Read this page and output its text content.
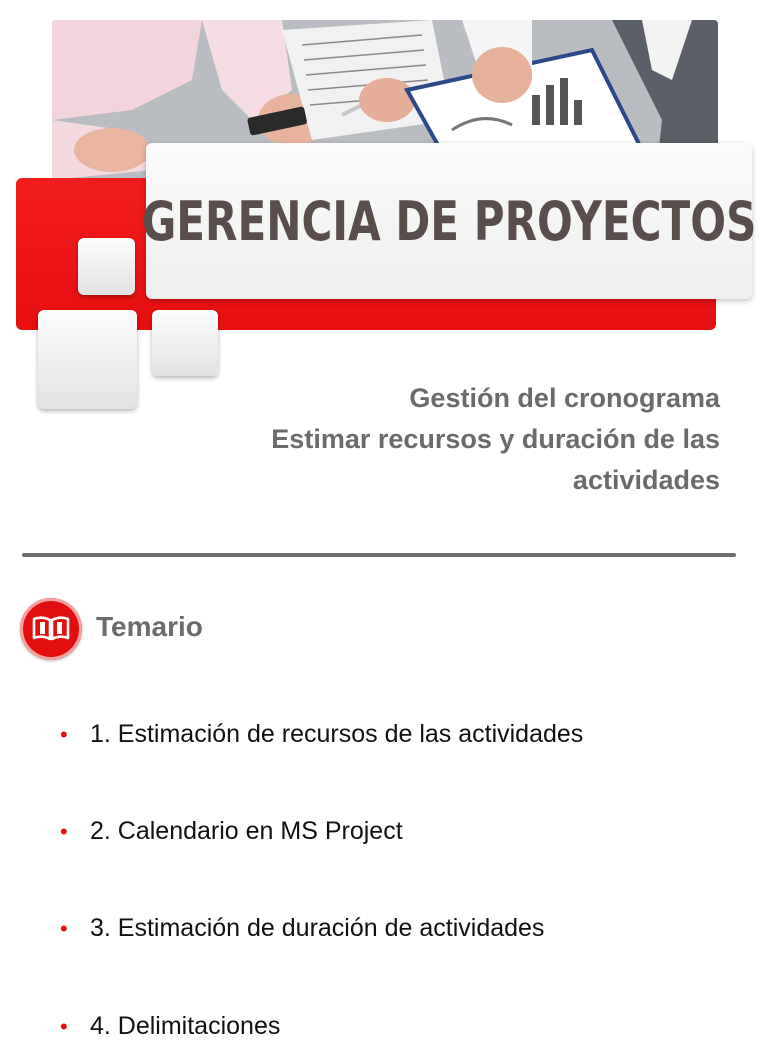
GERENCIA DE PROYECTOS
Gestión del cronograma
Estimar recursos y duración de las
actividades
Temario
• 1. Estimación de recursos de las actividades
• 2. Calendario en MS Project
• 3. Estimación de duración de actividades
• 4. Delimitaciones
